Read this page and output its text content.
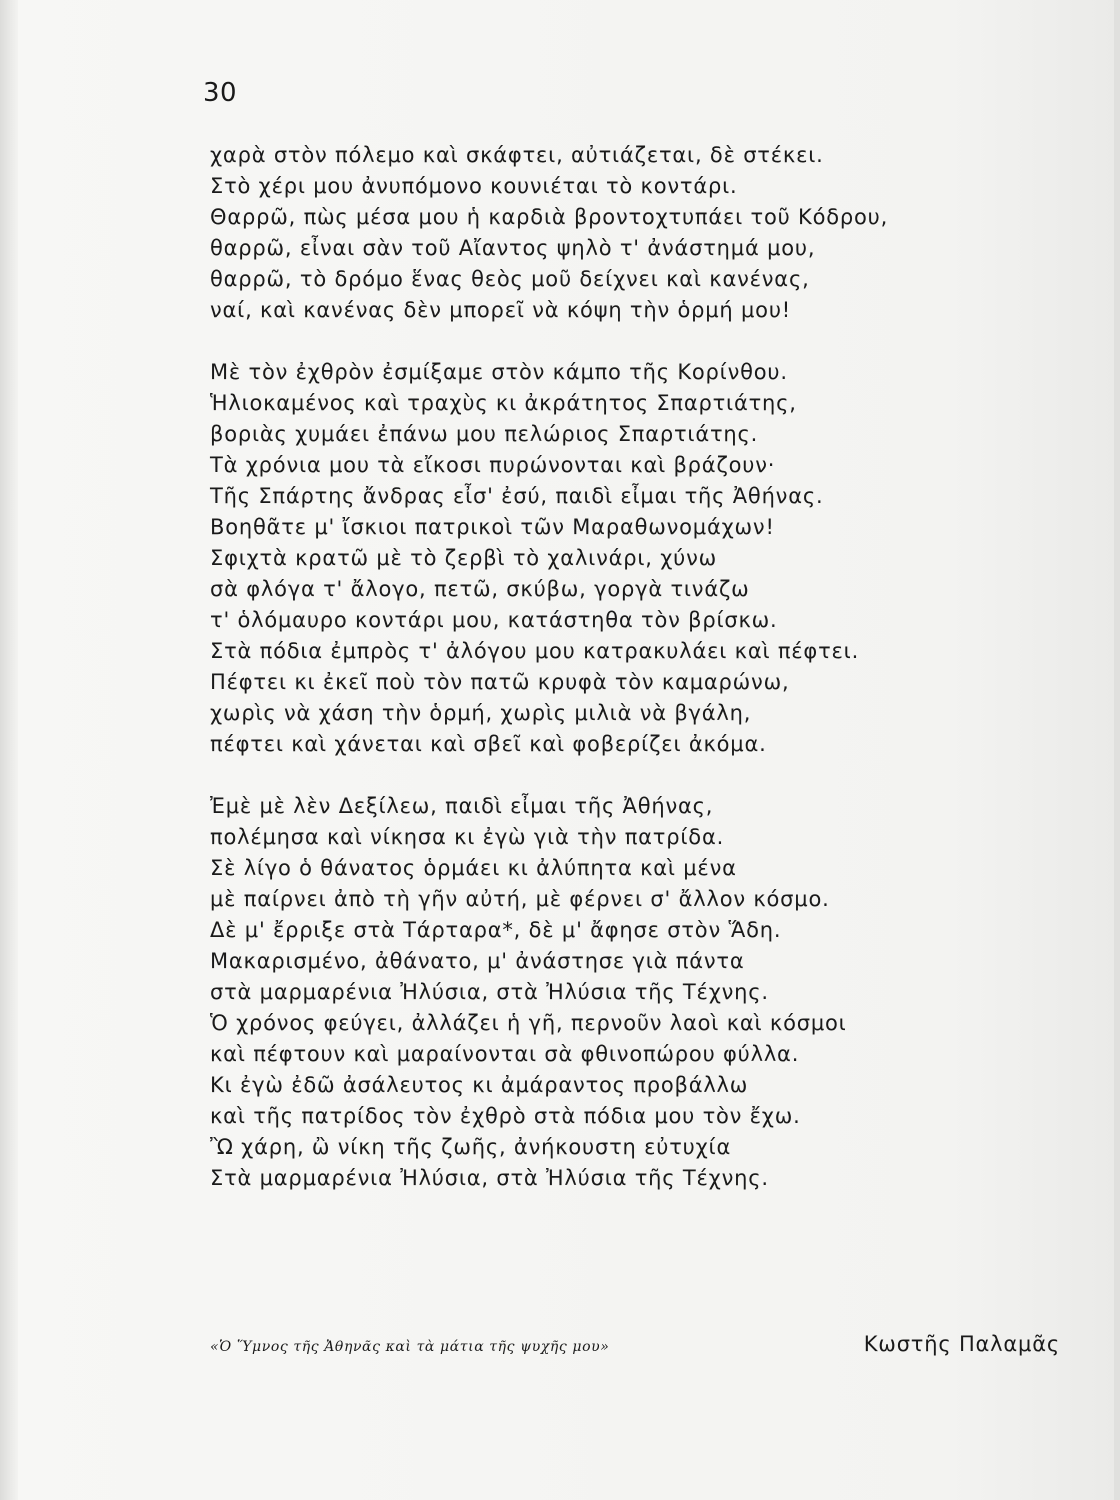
30
χαρὰ στὸν πόλεμο καὶ σκάφτει, αὐτιάζεται, δὲ στέκει.
Στὸ χέρι μου ἀνυπόμονο κουνιέται τὸ κοντάρι.
Θαρρῶ, πὼς μέσα μου ἡ καρδιὰ βροντοχτυπάει τοῦ Κόδρου,
θαρρῶ, εἶναι σὰν τοῦ Αἴαντος ψηλὸ τ' ἀνάστημά μου,
θαρρῶ, τὸ δρόμο ἕνας θεὸς μοῦ δείχνει καὶ κανένας,
ναί, καὶ κανένας δὲν μπορεῖ νὰ κόψη τὴν ὁρμή μου!
Μὲ τὸν ἐχθρὸν ἐσμίξαμε στὸν κάμπο τῆς Κορίνθου.
Ἡλιοκαμένος καὶ τραχὺς κι ἀκράτητος Σπαρτιάτης,
βοριὰς χυμάει ἐπάνω μου πελώριος Σπαρτιάτης.
Τὰ χρόνια μου τὰ εἴκοσι πυρώνονται καὶ βράζουν·
Τῆς Σπάρτης ἄνδρας εἶσ' ἐσύ, παιδὶ εἶμαι τῆς Ἀθήνας.
Βοηθᾶτε μ' ἴσκιοι πατρικοὶ τῶν Μαραθωνομάχων!
Σφιχτὰ κρατῶ μὲ τὸ ζερβὶ τὸ χαλινάρι, χύνω
σὰ φλόγα τ' ἄλογο, πετῶ, σκύβω, γοργὰ τινάζω
τ' ὁλόμαυρο κοντάρι μου, κατάστηθα τὸν βρίσκω.
Στὰ πόδια ἐμπρὸς τ' ἀλόγου μου κατρακυλάει καὶ πέφτει.
Πέφτει κι ἐκεῖ ποὺ τὸν πατῶ κρυφὰ τὸν καμαρώνω,
χωρὶς νὰ χάση τὴν ὁρμή, χωρὶς μιλιὰ νὰ βγάλη,
πέφτει καὶ χάνεται καὶ σβεῖ καὶ φοβερίζει ἀκόμα.
Ἐμὲ μὲ λὲν Δεξίλεω, παιδὶ εἶμαι τῆς Ἀθήνας,
πολέμησα καὶ νίκησα κι ἐγὼ γιὰ τὴν πατρίδα.
Σὲ λίγο ὁ θάνατος ὁρμάει κι ἀλύπητα καὶ μένα
μὲ παίρνει ἀπὸ τὴ γῆν αὐτή, μὲ φέρνει σ' ἄλλον κόσμο.
Δὲ μ' ἔρριξε στὰ Τάρταρα*, δὲ μ' ἄφησε στὸν Ἅδη.
Μακαρισμένο, ἀθάνατο, μ' ἀνάστησε γιὰ πάντα
στὰ μαρμαρένια Ἠλύσια, στὰ Ἠλύσια τῆς Τέχνης.
Ὁ χρόνος φεύγει, ἀλλάζει ἡ γῆ, περνοῦν λαοὶ καὶ κόσμοι
καὶ πέφτουν καὶ μαραίνονται σὰ φθινοπώρου φύλλα.
Κι ἐγὼ ἐδῶ ἀσάλευτος κι ἀμάραντος προβάλλω
καὶ τῆς πατρίδος τὸν ἐχθρὸ στὰ πόδια μου τὸν ἔχω.
Ὢ χάρη, ὢ νίκη τῆς ζωῆς, ἀνήκουστη εὐτυχία
Στὰ μαρμαρένια Ἠλύσια, στὰ Ἠλύσια τῆς Τέχνης.
«Ὁ Ὕμνος τῆς Ἀθηνᾶς καὶ τὰ μάτια τῆς ψυχῆς μου»	Κωστῆς Παλαμᾶς
